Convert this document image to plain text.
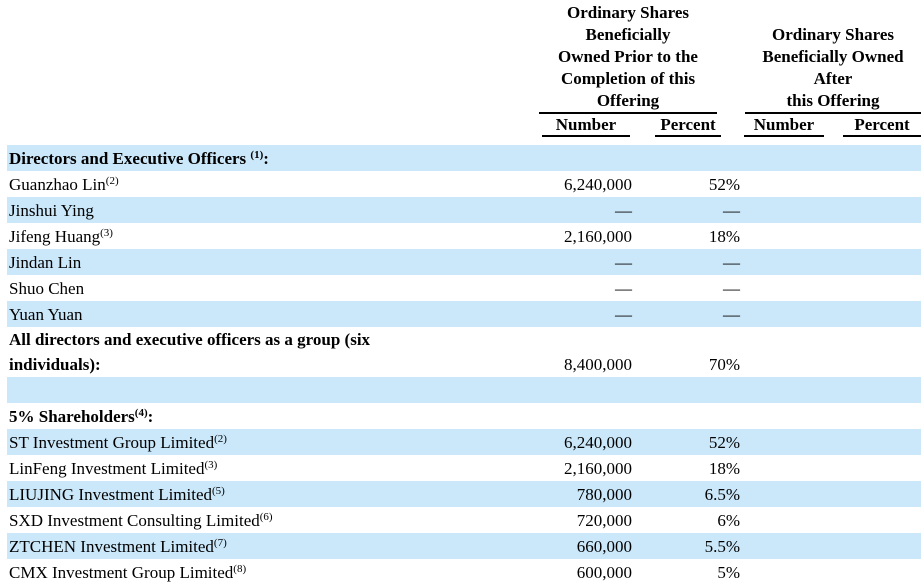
Ordinary Shares
Beneficially
Owned Prior to the
Completion of this
Offering

Ordinary Shares
Beneficially Owned
After
this Offering

	Number	Percent	Number	Percent
Directors and Executive Officers $^{(1)}$:				
Guanzhao Lin$^{(2)}$	6,240,000	52%		
Jinshui Ying	—	—		
Jifeng Huang$^{(3)}$	2,160,000	18%		
Jindan Lin	—	—		
Shuo Chen	—	—		
Yuan Yuan	—	—		
All directors and executive officers as a group (six
individuals):	8,400,000	70%		

5% Shareholders$^{(4)}$:				
ST Investment Group Limited$^{(2)}$	6,240,000	52%		
LinFeng Investment Limited$^{(3)}$	2,160,000	18%		
LIUJING Investment Limited$^{(5)}$	780,000	6.5%		
SXD Investment Consulting Limited$^{(6)}$	720,000	6%		
ZTCHEN Investment Limited$^{(7)}$	660,000	5.5%		
CMX Investment Group Limited$^{(8)}$	600,000	5%		
